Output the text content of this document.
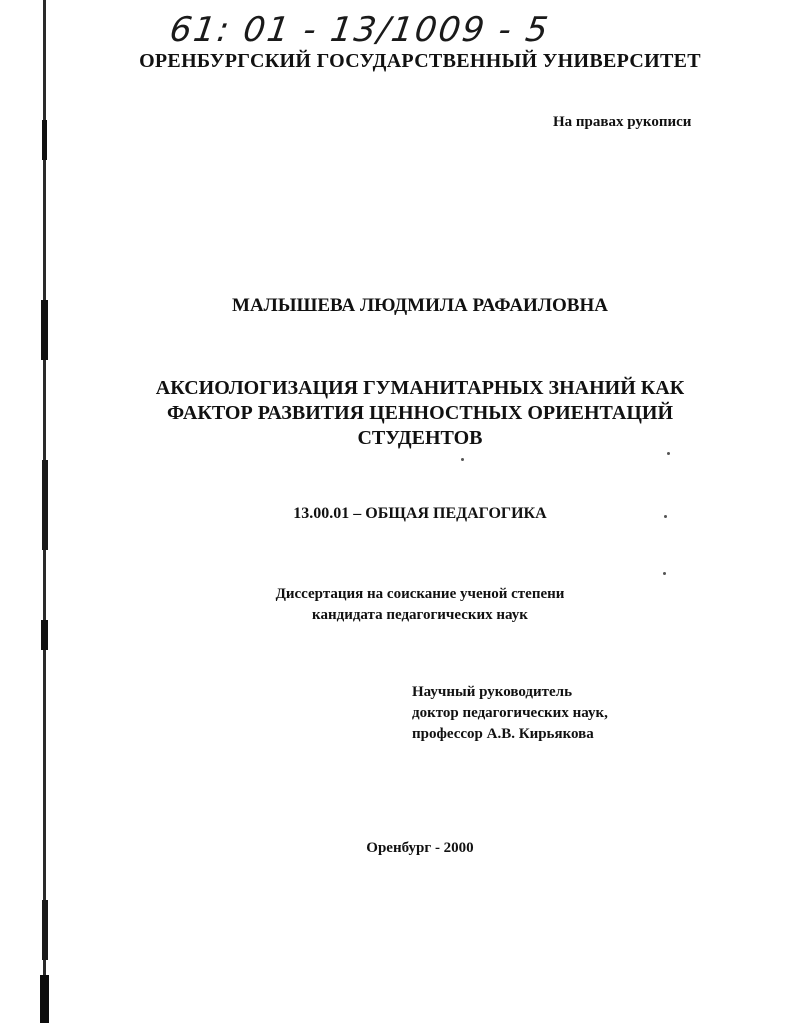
61: 01 - 13/1009 - 5
ОРЕНБУРГСКИЙ ГОСУДАРСТВЕННЫЙ УНИВЕРСИТЕТ
На правах рукописи
МАЛЫШЕВА ЛЮДМИЛА РАФАИЛОВНА
АКСИОЛОГИЗАЦИЯ ГУМАНИТАРНЫХ ЗНАНИЙ КАК
ФАКТОР РАЗВИТИЯ ЦЕННОСТНЫХ ОРИЕНТАЦИЙ
СТУДЕНТОВ
13.00.01 – ОБЩАЯ ПЕДАГОГИКА
Диссертация на соискание ученой степени
кандидата педагогических наук
Научный руководитель
доктор педагогических наук,
профессор А.В. Кирьякова
Оренбург - 2000
